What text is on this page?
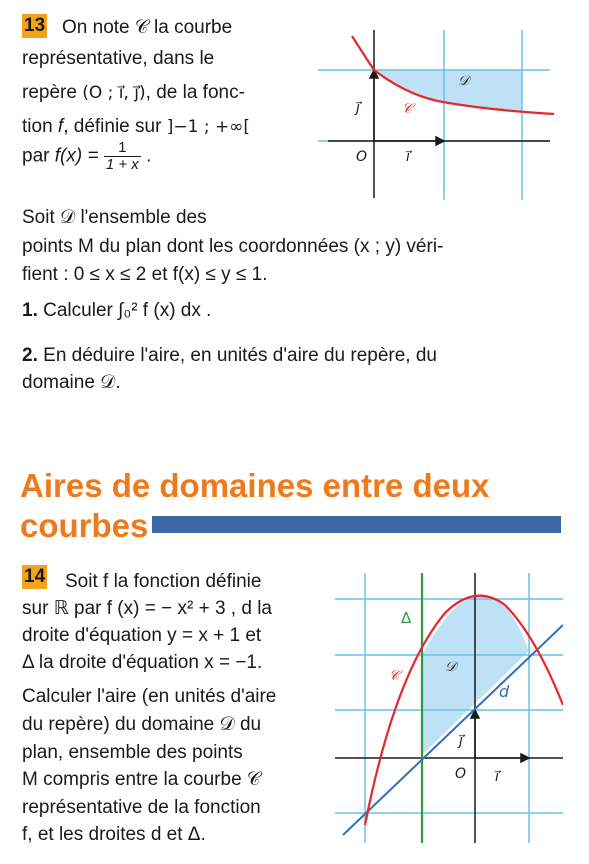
13 On note 𝒞 la courbe
représentative, dans le
repère (O ; i⃗, j⃗), de la fonc-
tion f, définie sur ]−1 ; +∞[
par $f(x) = \frac{1}{1 + x}$ .
𝒟
𝒞
j⃗
O	i⃗
Soit 𝒟 l'ensemble des
points M du plan dont les coordonnées (x ; y) véri-
fient : 0 ≤ x ≤ 2 et f(x) ≤ y ≤ 1.
1. Calculer ∫₀² f (x) dx .
2. En déduire l'aire, en unités d'aire du repère, du
domaine 𝒟.
Aires de domaines entre deux
courbes
14 Soit f la fonction définie
sur ℝ par f (x) = − x² + 3 , d la
droite d'équation y = x + 1 et
Δ la droite d'équation x = −1.
Calculer l'aire (en unités d'aire
du repère) du domaine 𝒟 du
plan, ensemble des points
M compris entre la courbe 𝒞
représentative de la fonction
f, et les droites d et Δ.
Δ
𝒞
𝒟
d
j⃗
O i⃗
